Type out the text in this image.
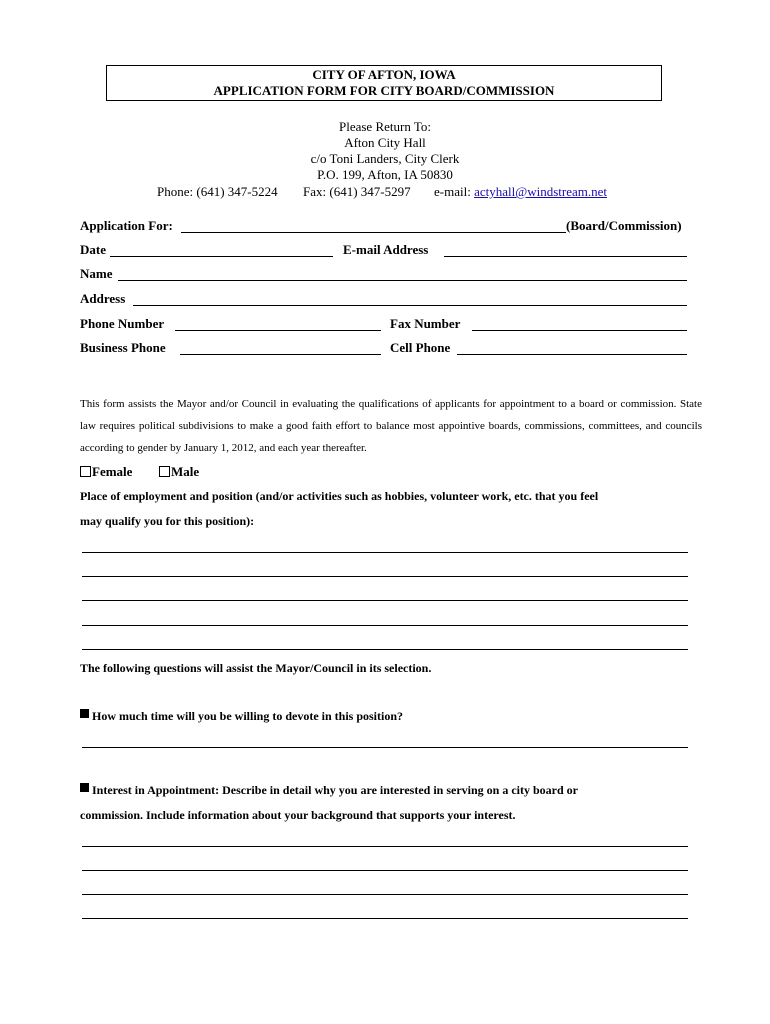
CITY OF AFTON, IOWA
APPLICATION FORM FOR CITY BOARD/COMMISSION
Please Return To:
Afton City Hall
c/o Toni Landers, City Clerk
P.O. 199, Afton, IA 50830
Phone: (641) 347-5224 Fax: (641) 347-5297 e-mail: actyhall@windstream.net
Application For:	(Board/Commission)
Date	E-mail Address
Name
Address
Phone Number	Fax Number
Business Phone	Cell Phone
This form assists the Mayor and/or Council in evaluating the qualifications of applicants for appointment to a board or commission. State law requires political subdivisions to make a good faith effort to balance most appointive boards, commissions, committees, and councils according to gender by January 1, 2012, and each year thereafter.
Female	Male
Place of employment and position (and/or activities such as hobbies, volunteer work, etc. that you feel
may qualify you for this position):
The following questions will assist the Mayor/Council in its selection.
How much time will you be willing to devote in this position?
Interest in Appointment: Describe in detail why you are interested in serving on a city board or
commission. Include information about your background that supports your interest.
